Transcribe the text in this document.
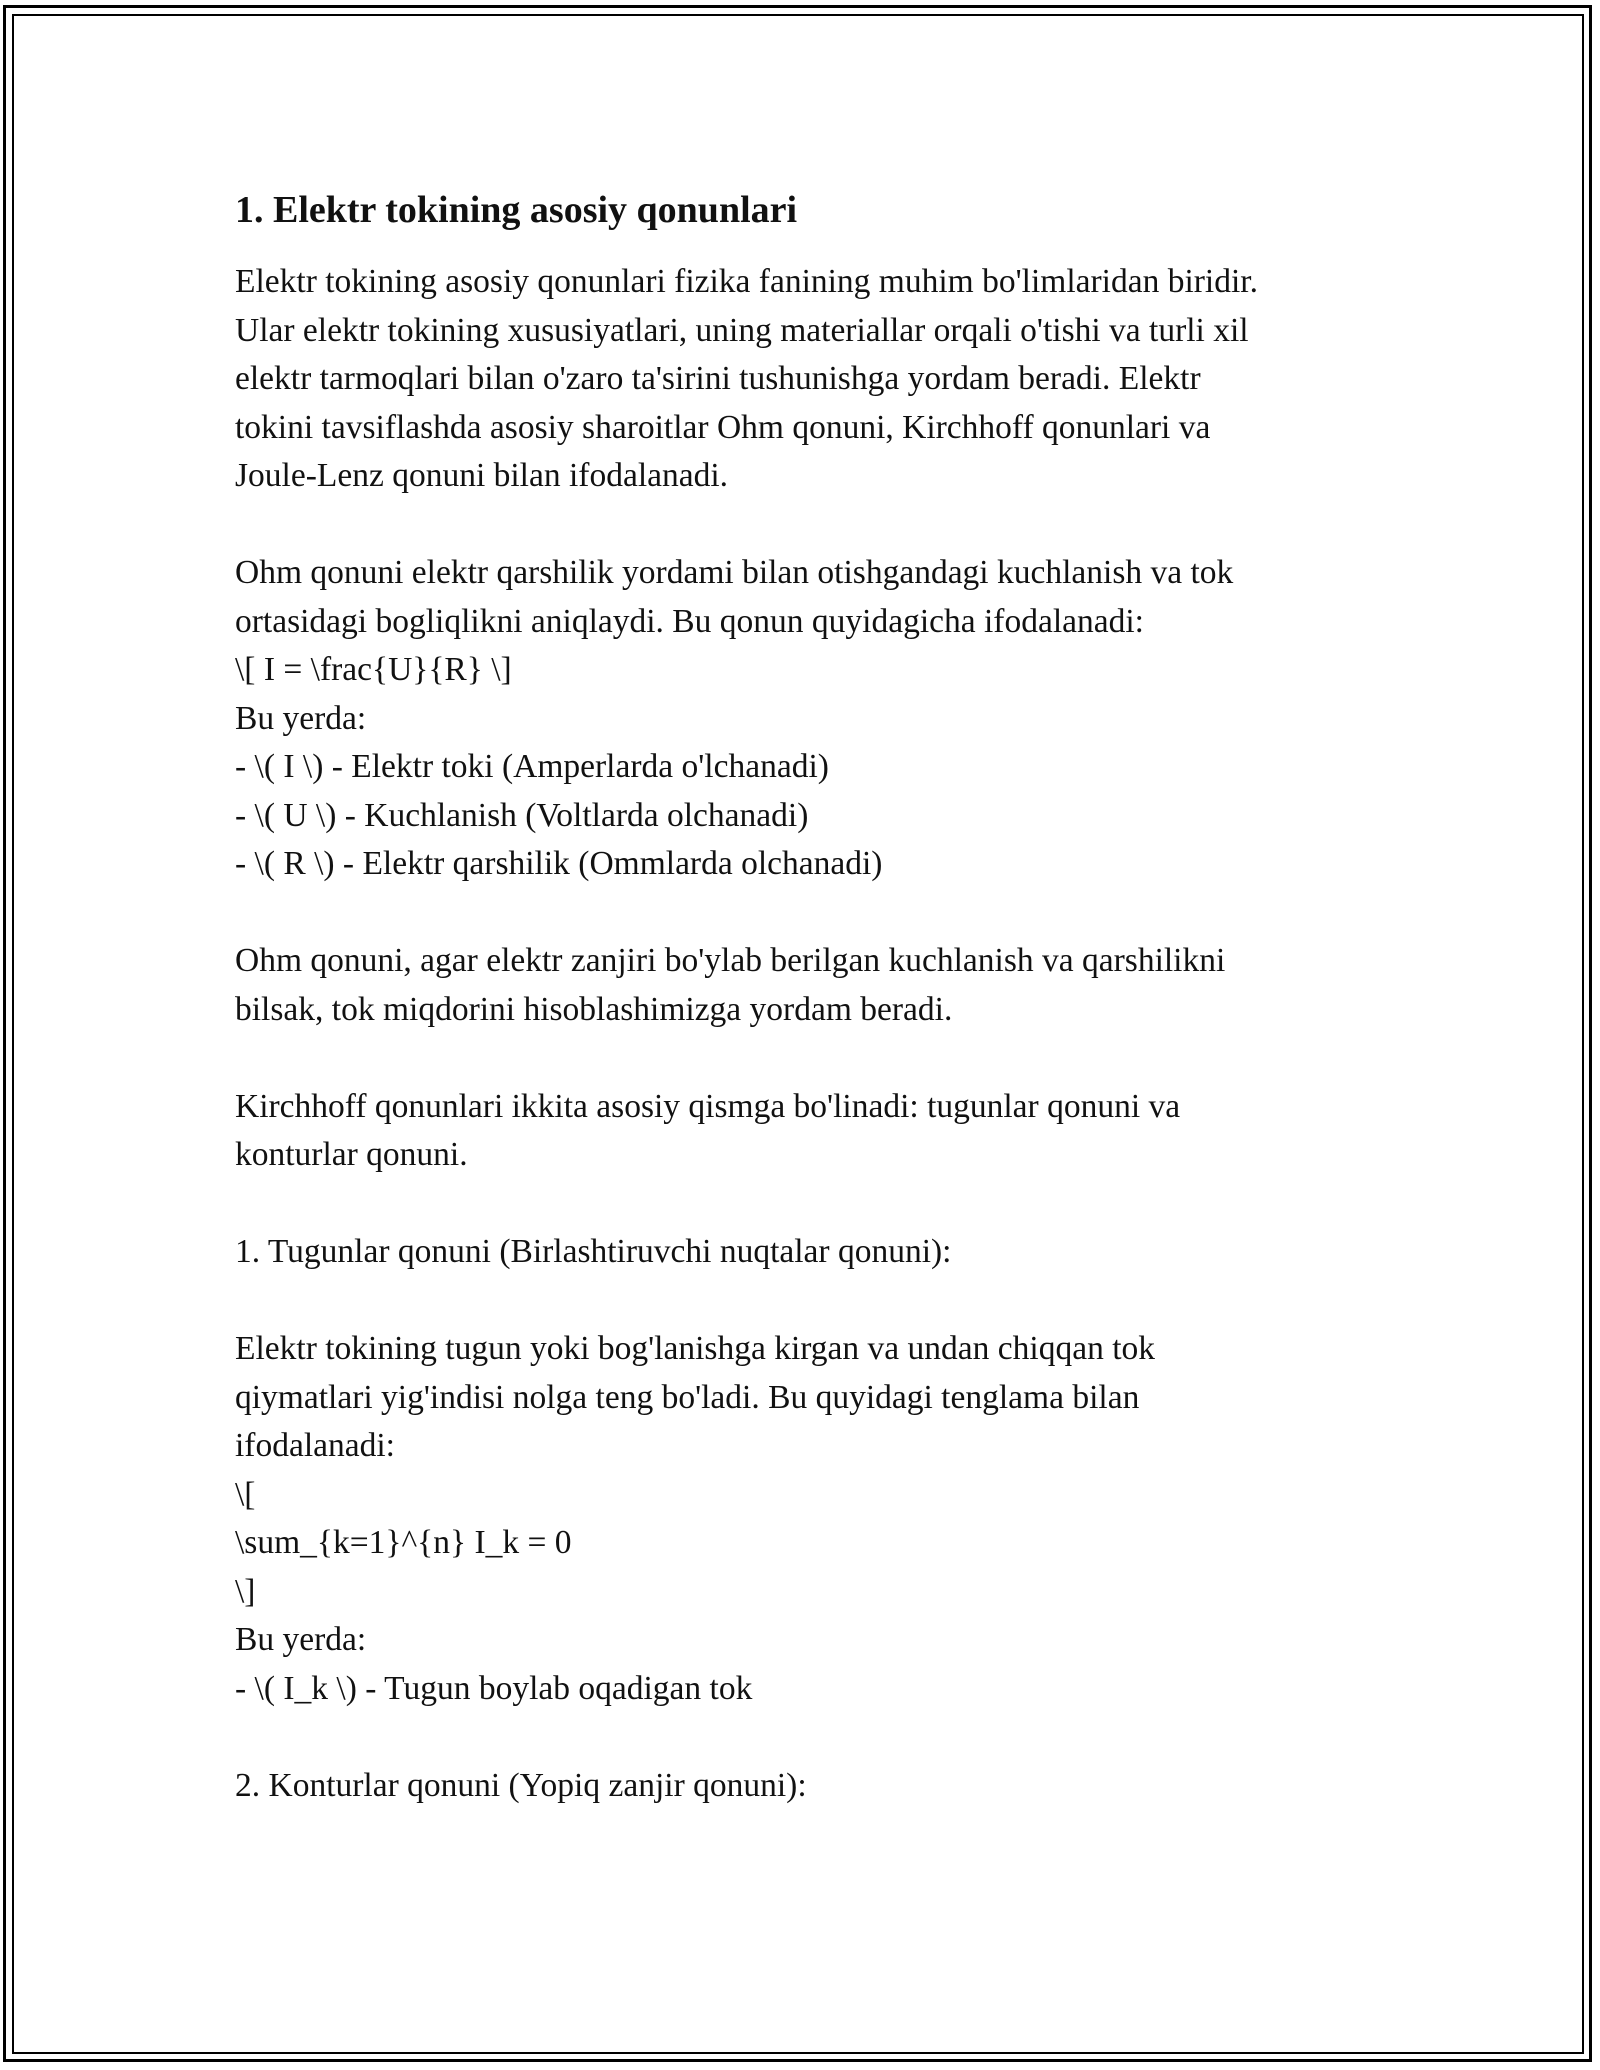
1. Elektr tokining asosiy qonunlari
Elektr tokining asosiy qonunlari fizika fanining muhim bo'limlaridan biridir.
Ular elektr tokining xususiyatlari, uning materiallar orqali o'tishi va turli xil
elektr tarmoqlari bilan o'zaro ta'sirini tushunishga yordam beradi. Elektr
tokini tavsiflashda asosiy sharoitlar Ohm qonuni, Kirchhoff qonunlari va
Joule-Lenz qonuni bilan ifodalanadi.
Ohm qonuni elektr qarshilik yordami bilan otishgandagi kuchlanish va tok
ortasidagi bogliqlikni aniqlaydi. Bu qonun quyidagicha ifodalanadi:
\[ I = \frac{U}{R} \]
Bu yerda:
- \( I \) - Elektr toki (Amperlarda o'lchanadi)
- \( U \) - Kuchlanish (Voltlarda olchanadi)
- \( R \) - Elektr qarshilik (Ommlarda olchanadi)
Ohm qonuni, agar elektr zanjiri bo'ylab berilgan kuchlanish va qarshilikni
bilsak, tok miqdorini hisoblashimizga yordam beradi.
Kirchhoff qonunlari ikkita asosiy qismga bo'linadi: tugunlar qonuni va
konturlar qonuni.
1. Tugunlar qonuni (Birlashtiruvchi nuqtalar qonuni):
Elektr tokining tugun yoki bog'lanishga kirgan va undan chiqqan tok
qiymatlari yig'indisi nolga teng bo'ladi. Bu quyidagi tenglama bilan
ifodalanadi:
\[
\sum_{k=1}^{n} I_k = 0
\]
Bu yerda:
- \( I_k \) - Tugun boylab oqadigan tok
2. Konturlar qonuni (Yopiq zanjir qonuni):
